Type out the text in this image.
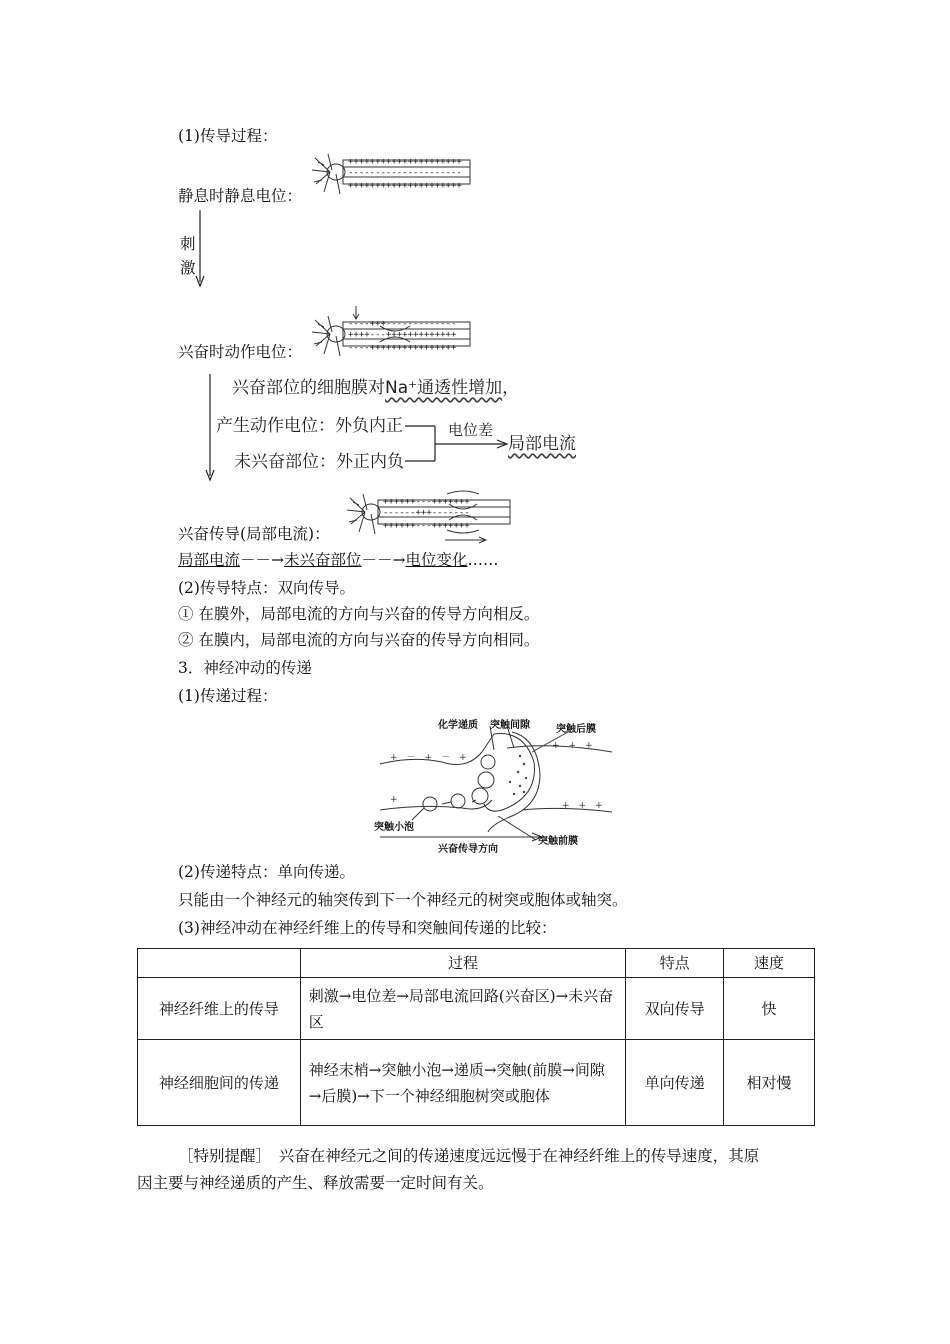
(1)传导过程：
静息时静息电位：
+++++++++++++++++++++
---------------------
+++++++++++++++++++++
刺激
兴奋时动作电位：
----+++-------------
++++---+++++++++++++
----++++++++++++++++
兴奋部位的细胞膜对Na⁺通透性增加，
产生动作电位：外负内正
未兴奋部位：外正内负
电位差
局部电流
++++++---+++++++
------+++-------
++++++---+++++++
兴奋传导(局部电流)：
局部电流－－→未兴奋部位－－→电位变化……
(2)传导特点：双向传导。
① 在膜外，局部电流的方向与兴奋的传导方向相反。
② 在膜内，局部电流的方向与兴奋的传导方向相同。
3．神经冲动的传递
(1)传递过程：
+　－　+　－　+
+　+　+
+
+　+　+
化学递质 突触间隙	突触后膜
突触小泡
突触前膜
兴奋传导方向
(2)传递特点：单向传递。
只能由一个神经元的轴突传到下一个神经元的树突或胞体或轴突。
(3)神经冲动在神经纤维上的传导和突触间传递的比较：
	过程	特点	速度
神经纤维上的传导	刺激→电位差→局部电流回路(兴奋区)→未兴奋区	双向传导	快
神经细胞间的传递	神经末梢→突触小泡→递质→突触(前膜→间隙→后膜)→下一个神经细胞树突或胞体	单向传递	相对慢
［特别提醒］　兴奋在神经元之间的传递速度远远慢于在神经纤维上的传导速度，其原
因主要与神经递质的产生、释放需要一定时间有关。
